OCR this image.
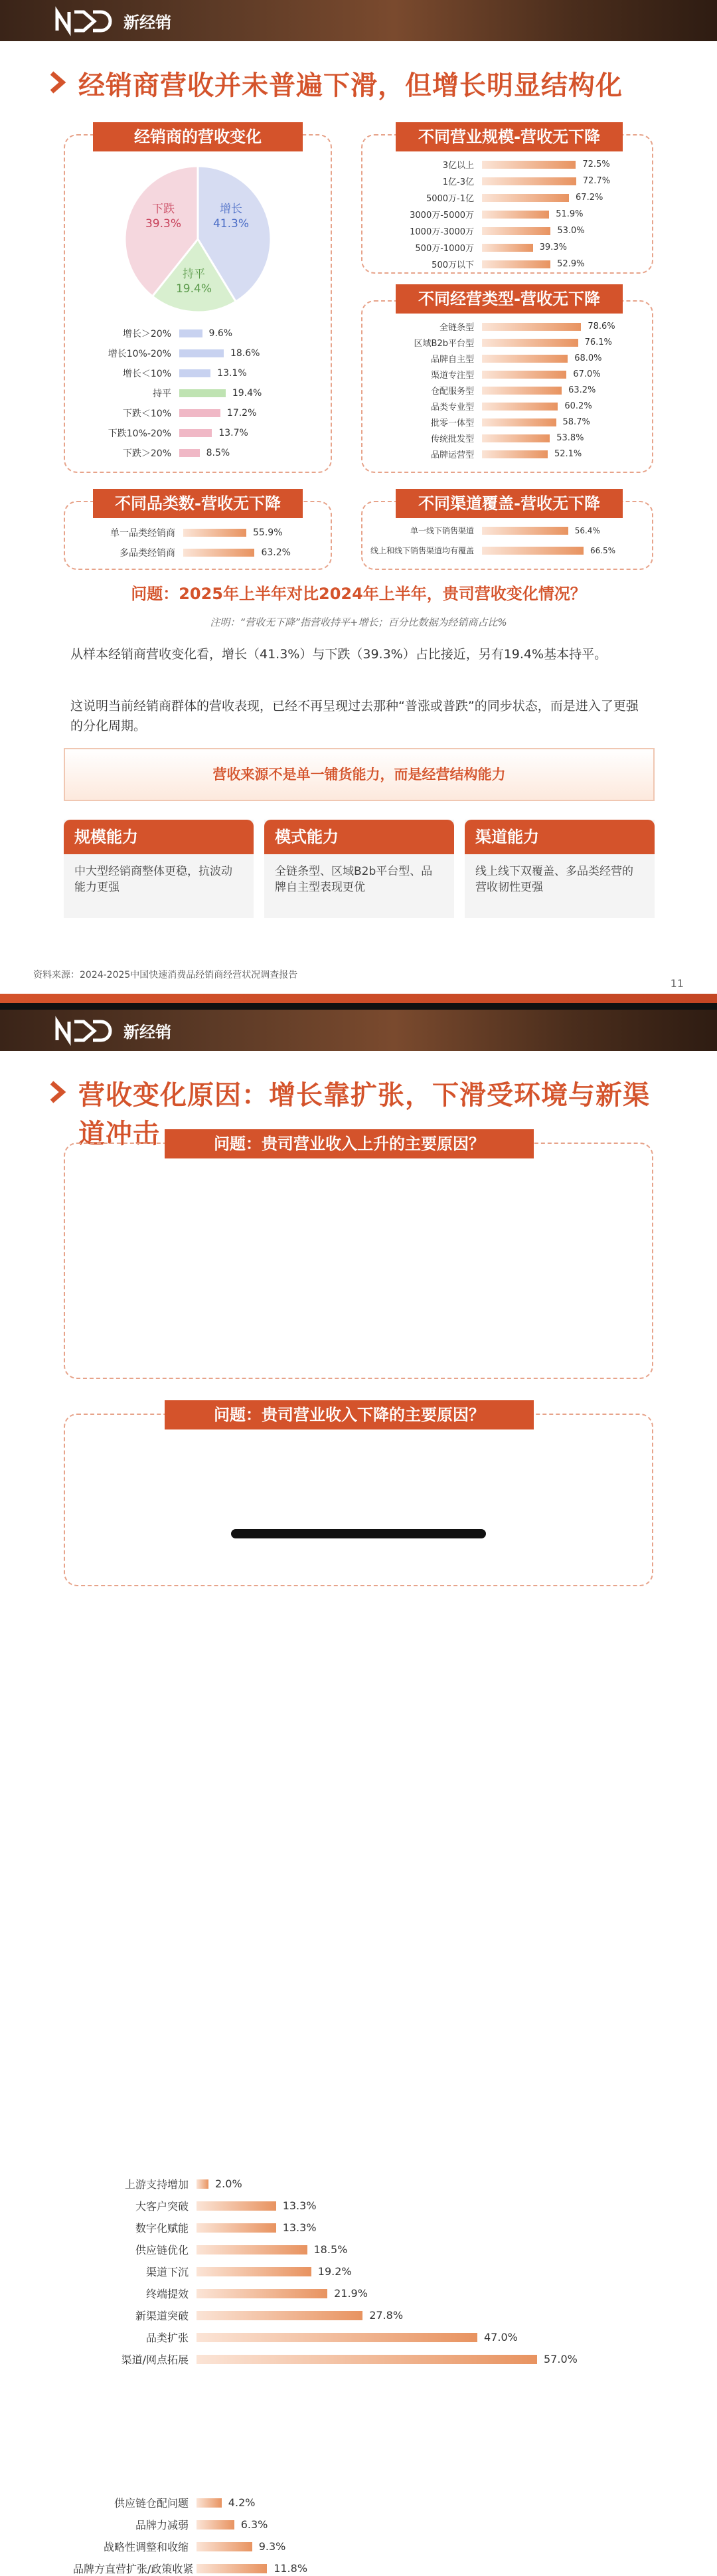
新经销
经销商营收并未普遍下滑，但增长明显结构化
经销商的营收变化
增长
41.3%
持平
19.4%
下跌
39.3%
增长＞20%	9.6%
增长10%-20%	18.6%
增长＜10%	13.1%
持平	19.4%
下跌＜10%	17.2%
下跌10%-20%	13.7%
下跌＞20%	8.5%
不同营业规模-营收无下降
3亿以上	72.5%
1亿-3亿	72.7%
5000万-1亿	67.2%
3000万-5000万	51.9%
1000万-3000万	53.0%
500万-1000万	39.3%
500万以下	52.9%
不同经营类型-营收无下降
全链条型	78.6%
区域B2b平台型	76.1%
品牌自主型	68.0%
渠道专注型	67.0%
仓配服务型	63.2%
品类专业型	60.2%
批零一体型	58.7%
传统批发型	53.8%
品牌运营型	52.1%
不同品类数-营收无下降
单一品类经销商	55.9%
多品类经销商	63.2%
不同渠道覆盖-营收无下降
单一线下销售渠道	56.4%
线上和线下销售渠道均有覆盖	66.5%
问题：2025年上半年对比2024年上半年，贵司营收变化情况？
注明：“营收无下降”指营收持平+增长；百分比数据为经销商占比%
从样本经销商营收变化看，增长（41.3%）与下跌（39.3%）占比接近，另有19.4%基本持平。
这说明当前经销商群体的营收表现，已经不再呈现过去那种“普涨或普跌”的同步状态，而是进入了更强的分化周期。
营收来源不是单一铺货能力，而是经营结构能力
规模能力
中大型经销商整体更稳，抗波动能力更强
模式能力
全链条型、区域B2b平台型、品牌自主型表现更优
渠道能力
线上线下双覆盖、多品类经营的营收韧性更强
资料来源：2024-2025中国快速消费品经销商经营状况调查报告
11
新经销
营收变化原因：增长靠扩张，下滑受环境与新渠道冲击	问题：贵司营业收入上升的主要原因？
上游支持增加	2.0%
大客户突破	13.3%
数字化赋能	13.3%
供应链优化	18.5%
渠道下沉	19.2%
终端提效	21.9%
新渠道突破	27.8%
品类扩张	47.0%
渠道/网点拓展	57.0%
问题：贵司营业收入下降的主要原因？
供应链仓配问题	4.2%
品牌力减弱	6.3%
战略性调整和收缩	9.3%
品牌方直营扩张/政策收紧	11.8%
